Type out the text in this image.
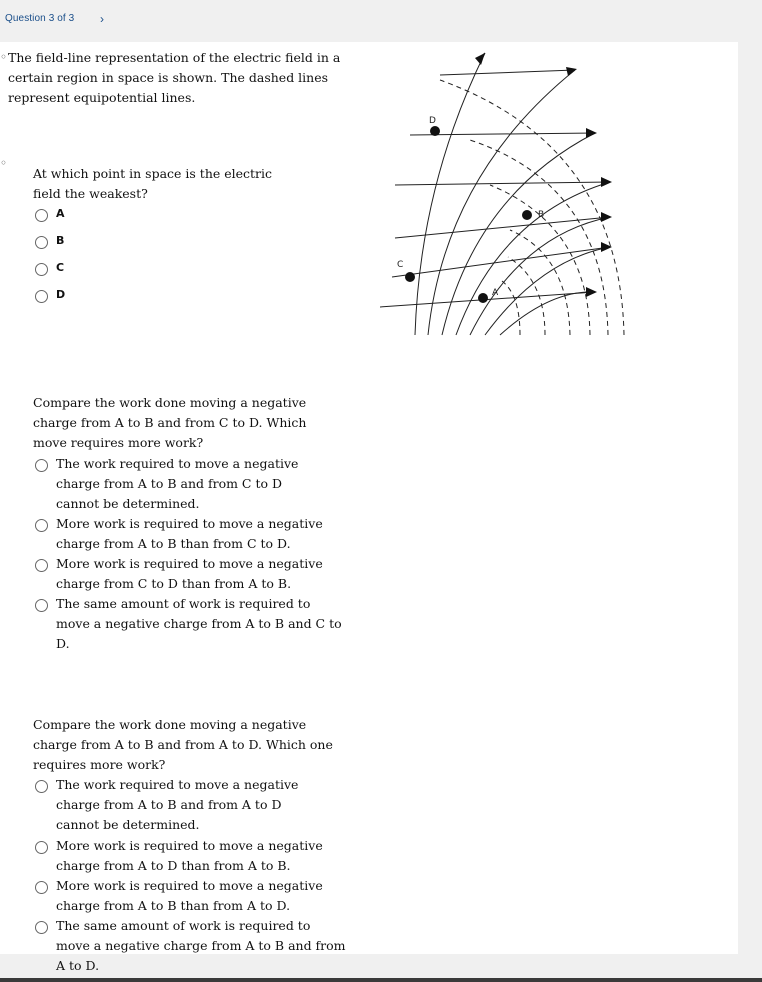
Question 3 of 3 ›
◦ The field-line representation of the electric field in a certain region in space is shown. The dashed lines represent equipotential lines.
D
B
C
A
◦
At which point in space is the electric field the weakest?
A
B
C
D
Compare the work done moving a negative charge from A to B and from C to D. Which move requires more work?
The work required to move a negative charge from A to B and from C to D cannot be determined.
More work is required to move a negative charge from A to B than from C to D.
More work is required to move a negative charge from C to D than from A to B.
The same amount of work is required to move a negative charge from A to B and C to D.
Compare the work done moving a negative charge from A to B and from A to D. Which one requires more work?
The work required to move a negative charge from A to B and from A to D cannot be determined.
More work is required to move a negative charge from A to D than from A to B.
More work is required to move a negative charge from A to B than from A to D.
The same amount of work is required to move a negative charge from A to B and from A to D.
